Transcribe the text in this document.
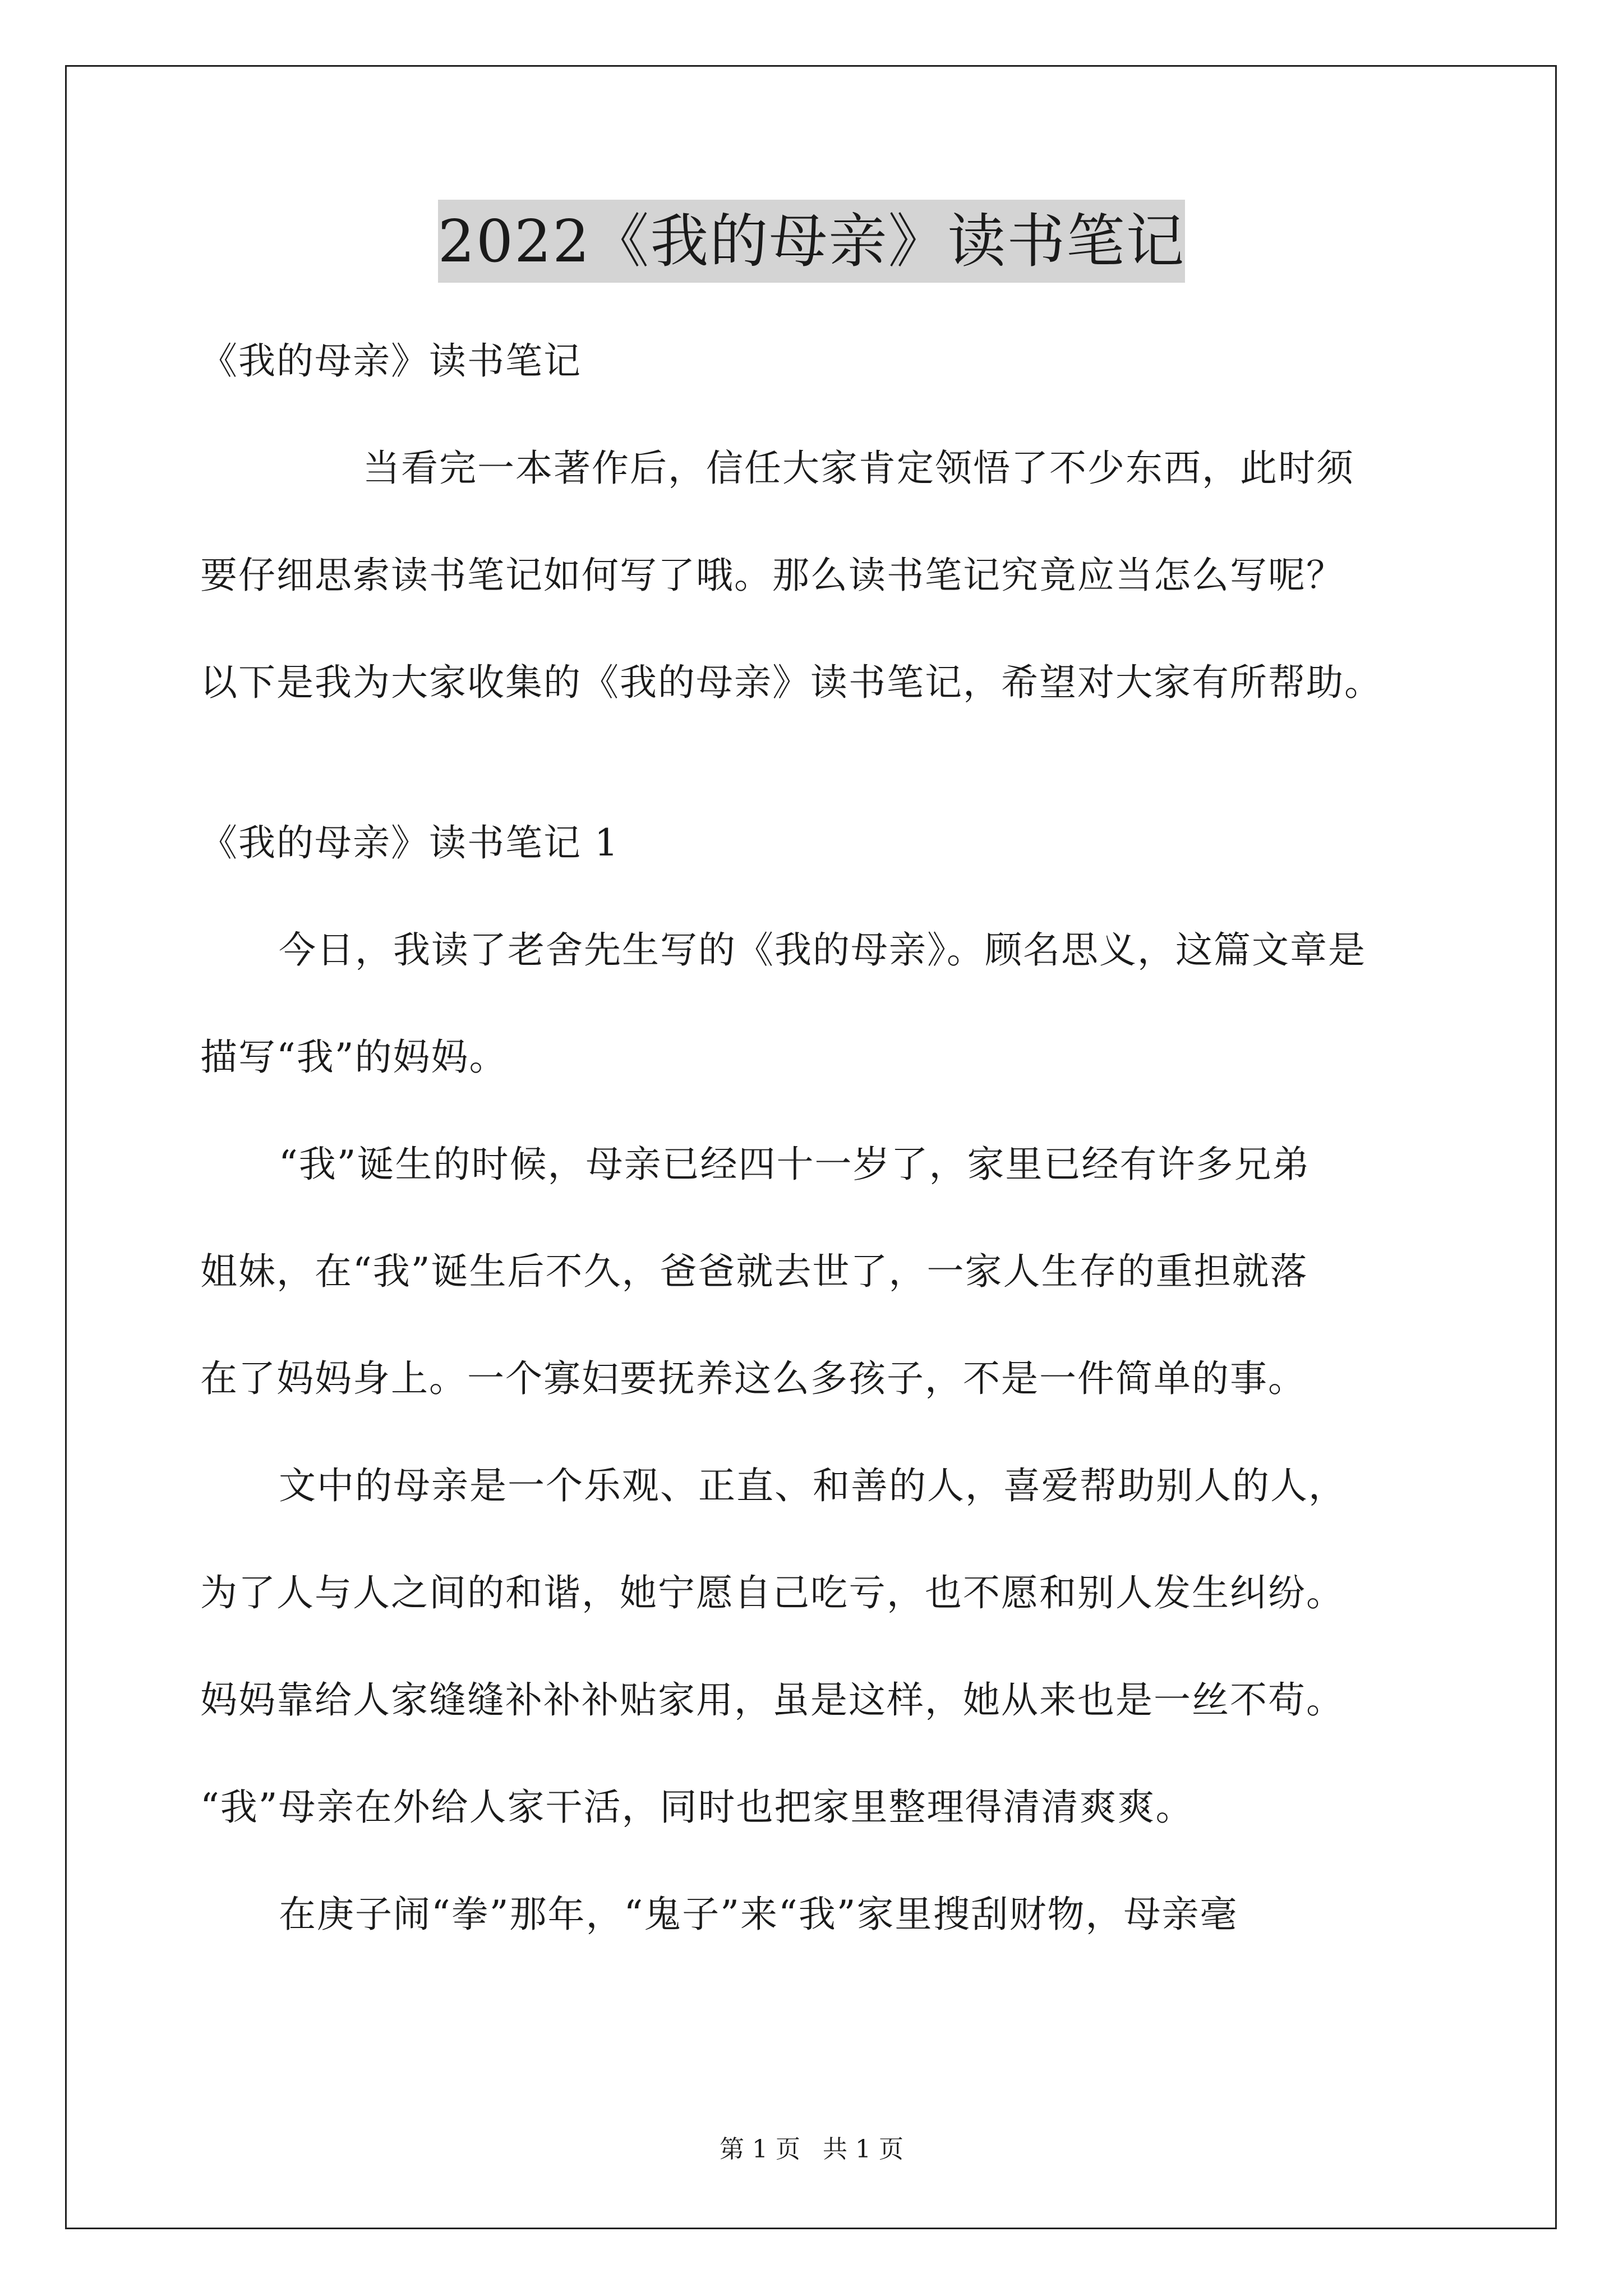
2022《我的母亲》读书笔记

《我的母亲》读书笔记

当看完一本著作后，信任大家肯定领悟了不少东西，此时须

要仔细思索读书笔记如何写了哦。那么读书笔记究竟应当怎么写呢？

以下是我为大家收集的《我的母亲》读书笔记，希望对大家有所帮助。

《我的母亲》读书笔记 1

今日，我读了老舍先生写的《我的母亲》。顾名思义，这篇文章是

描写“我”的妈妈。

“我”诞生的时候，母亲已经四十一岁了，家里已经有许多兄弟

姐妹，在“我”诞生后不久，爸爸就去世了，一家人生存的重担就落

在了妈妈身上。一个寡妇要抚养这么多孩子，不是一件简单的事。

文中的母亲是一个乐观、正直、和善的人，喜爱帮助别人的人，

为了人与人之间的和谐，她宁愿自己吃亏，也不愿和别人发生纠纷。

妈妈靠给人家缝缝补补补贴家用，虽是这样，她从来也是一丝不苟。

“我”母亲在外给人家干活，同时也把家里整理得清清爽爽。

在庚子闹“拳”那年，“鬼子”来“我”家里搜刮财物，母亲毫

第 1 页 共 1 页
